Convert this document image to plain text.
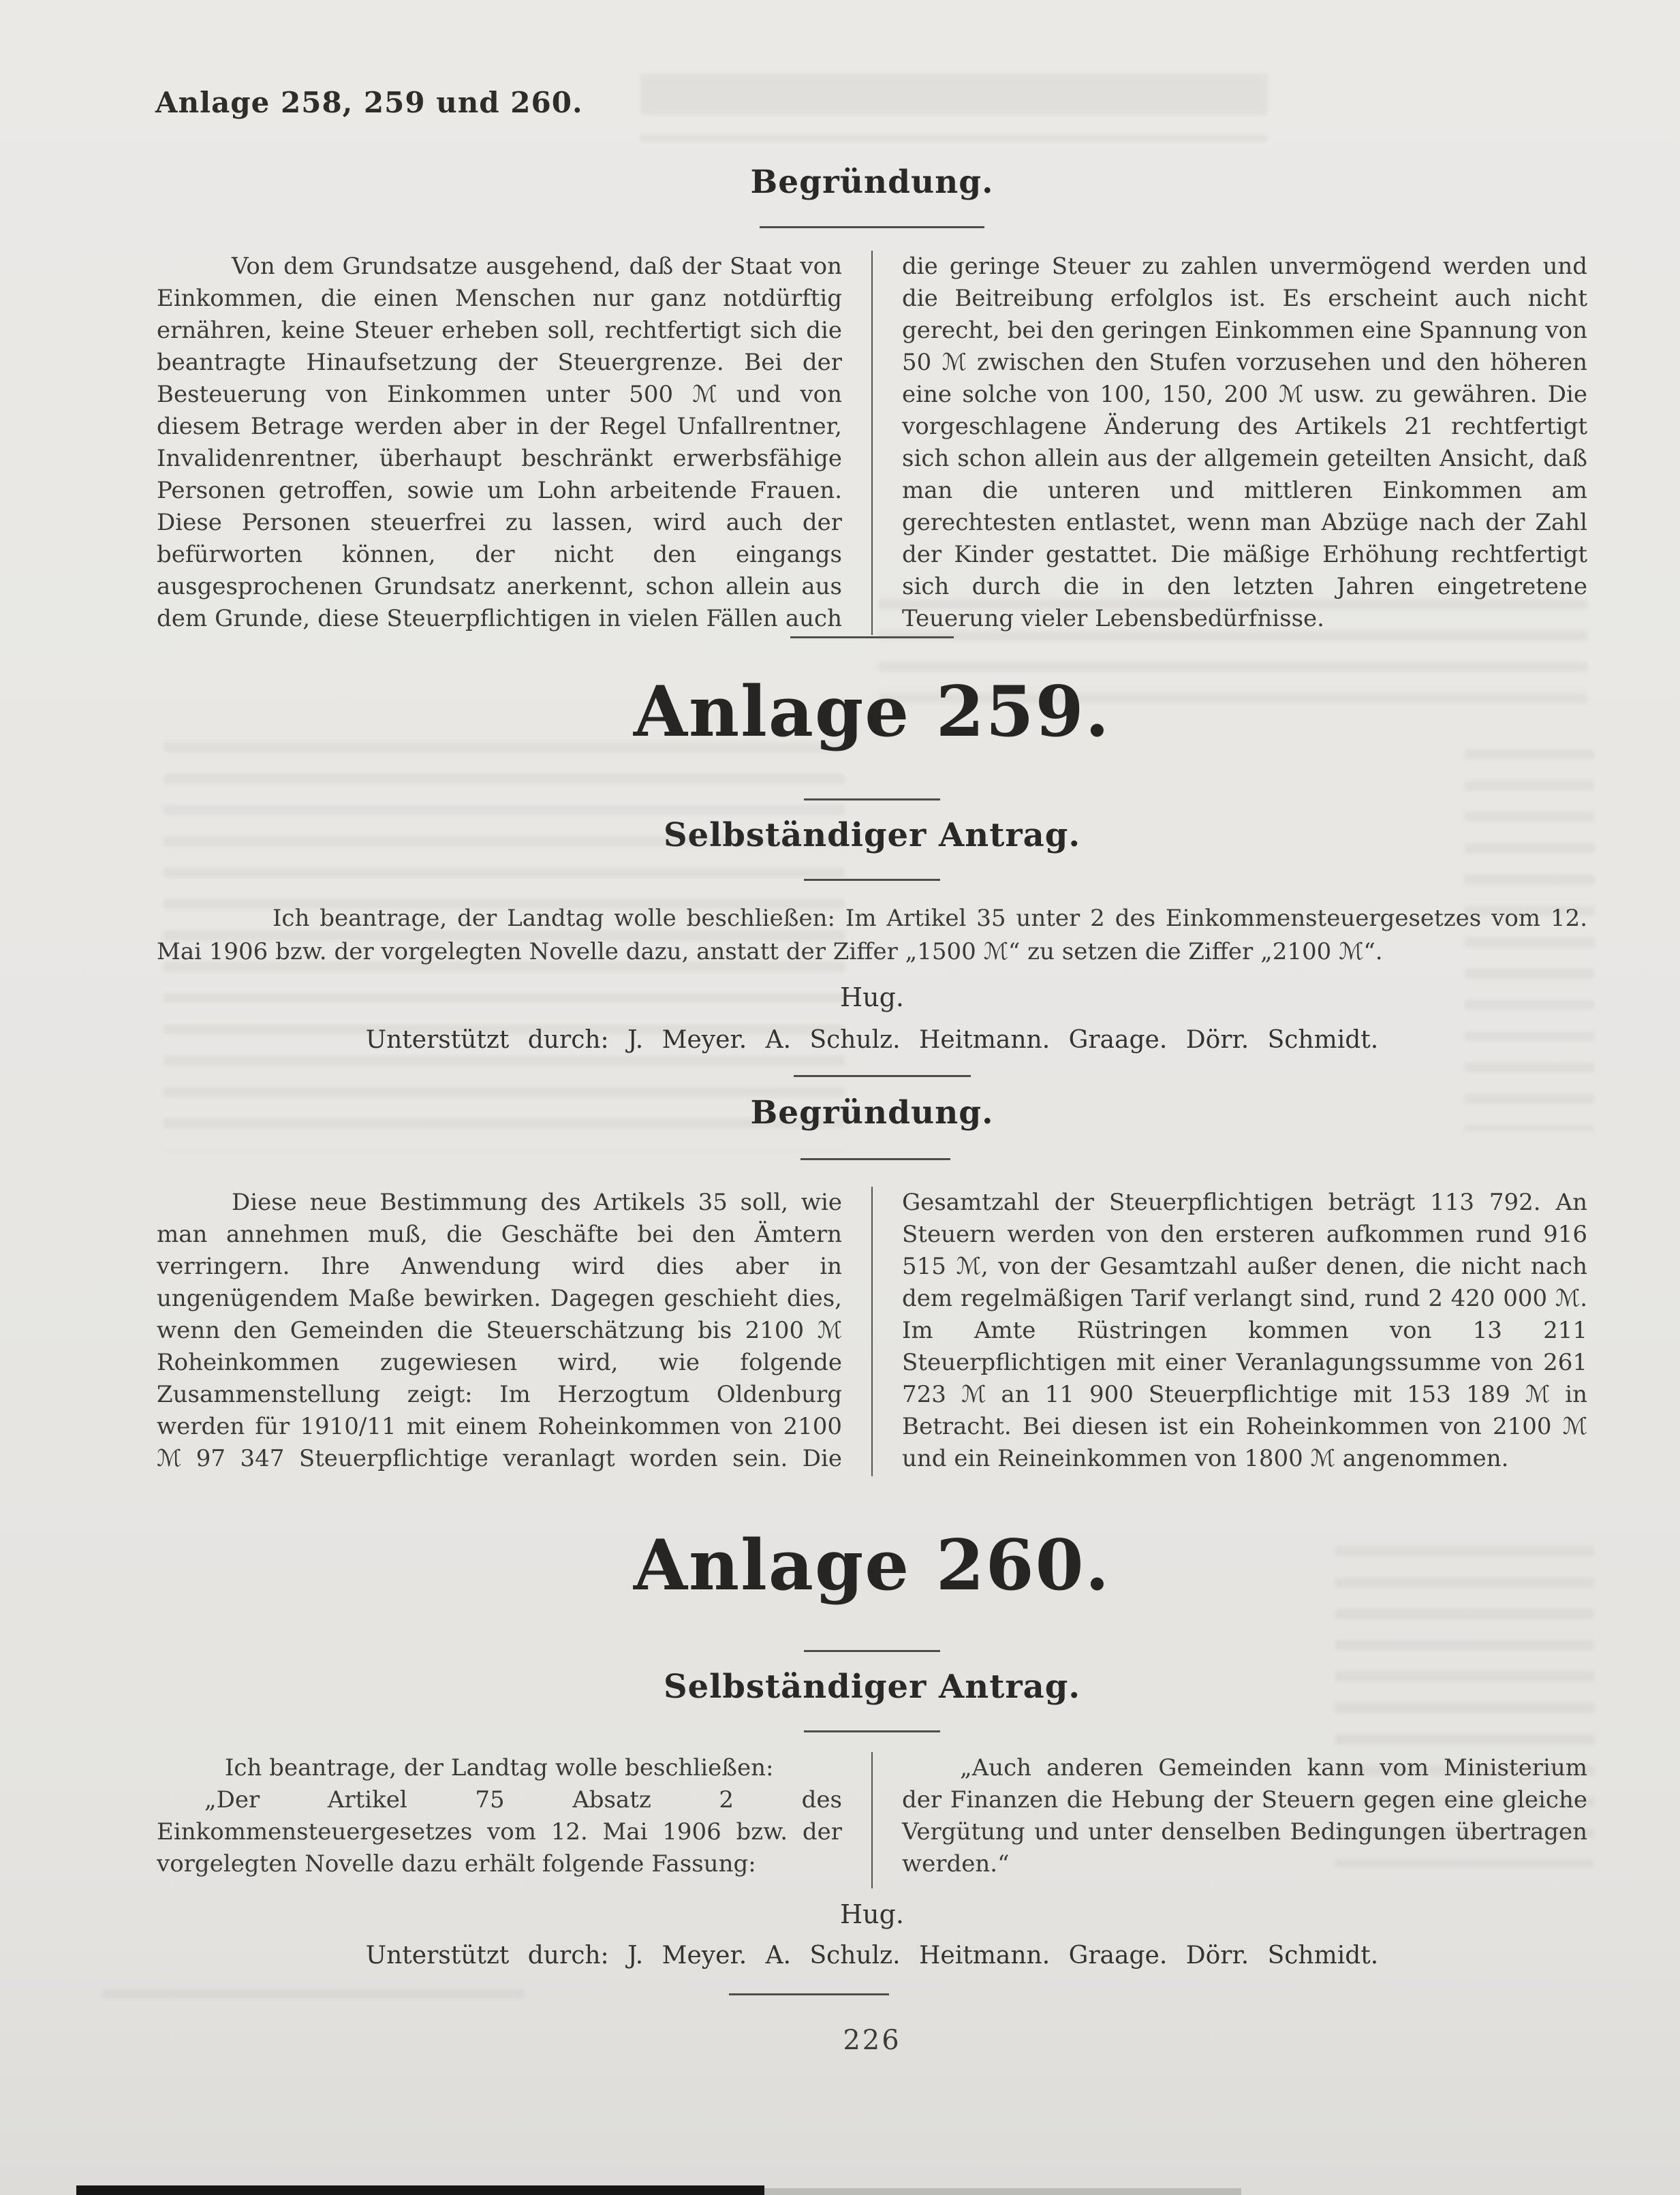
Anlage 258, 259 und 260.
Begründung.

Von dem Grundsatze ausgehend, daß der Staat von Einkommen, die einen Menschen nur ganz notdürftig ernähren, keine Steuer erheben soll, rechtfertigt sich die beantragte Hinaufsetzung der Steuergrenze. Bei der Besteuerung von Einkommen unter 500 ℳ und von diesem Betrage werden aber in der Regel Unfallrentner, Invalidenrentner, überhaupt beschränkt erwerbsfähige Personen getroffen, sowie um Lohn arbeitende Frauen. Diese Personen steuerfrei zu lassen, wird auch der befürworten können, der nicht den eingangs ausgesprochenen Grundsatz anerkennt, schon allein aus dem Grunde, diese Steuerpflichtigen in vielen Fällen auch die geringe Steuer zu zahlen unvermögend werden und die Beitreibung erfolglos ist. Es erscheint auch nicht gerecht, bei den geringen Einkommen eine Spannung von 50 ℳ zwischen den Stufen vorzusehen und den höheren eine solche von 100, 150, 200 ℳ usw. zu gewähren. Die vorgeschlagene Änderung des Artikels 21 rechtfertigt sich schon allein aus der allgemein geteilten Ansicht, daß man die unteren und mittleren Einkommen am gerechtesten entlastet, wenn man Abzüge nach der Zahl der Kinder gestattet. Die mäßige Erhöhung rechtfertigt sich durch die in den letzten Jahren eingetretene Teuerung vieler Lebensbedürfnisse.

Anlage 259.
Selbständiger Antrag.

Ich beantrage, der Landtag wolle beschließen: Im Artikel 35 unter 2 des Einkommensteuergesetzes vom 12. Mai 1906 bzw. der vorgelegten Novelle dazu, anstatt der Ziffer „1500 ℳ“ zu setzen die Ziffer „2100 ℳ“.

Hug.
Unterstützt durch: J. Meyer. A. Schulz. Heitmann. Graage. Dörr. Schmidt.
Begründung.

Diese neue Bestimmung des Artikels 35 soll, wie man annehmen muß, die Geschäfte bei den Ämtern verringern. Ihre Anwendung wird dies aber in ungenügendem Maße bewirken. Dagegen geschieht dies, wenn den Gemeinden die Steuerschätzung bis 2100 ℳ Roheinkommen zugewiesen wird, wie folgende Zusammenstellung zeigt: Im Herzogtum Oldenburg werden für 1910/11 mit einem Roheinkommen von 2100 ℳ 97 347 Steuerpflichtige veranlagt worden sein. Die Gesamtzahl der Steuerpflichtigen beträgt 113 792. An Steuern werden von den ersteren aufkommen rund 916 515 ℳ, von der Gesamtzahl außer denen, die nicht nach dem regelmäßigen Tarif verlangt sind, rund 2 420 000 ℳ. Im Amte Rüstringen kommen von 13 211 Steuerpflichtigen mit einer Veranlagungssumme von 261 723 ℳ an 11 900 Steuerpflichtige mit 153 189 ℳ in Betracht. Bei diesen ist ein Roheinkommen von 2100 ℳ und ein Reineinkommen von 1800 ℳ angenommen.

Anlage 260.
Selbständiger Antrag.

Ich beantrage, der Landtag wolle beschließen:

„Der Artikel 75 Absatz 2 des Einkommensteuergesetzes vom 12. Mai 1906 bzw. der vorgelegten Novelle dazu erhält folgende Fassung:

„Auch anderen Gemeinden kann vom Ministerium der Finanzen die Hebung der Steuern gegen eine gleiche Vergütung und unter denselben Bedingungen übertragen werden.“

Hug.
Unterstützt durch: J. Meyer. A. Schulz. Heitmann. Graage. Dörr. Schmidt.
226
